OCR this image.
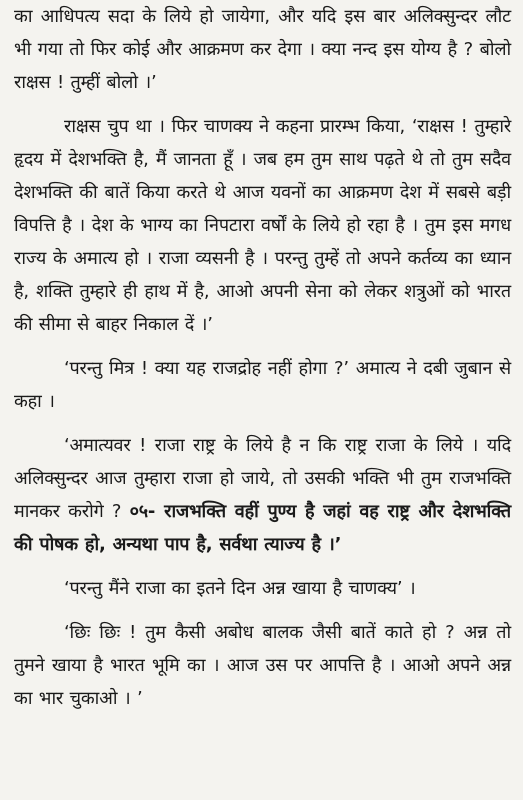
का आधिपत्य सदा के लिये हो जायेगा, और यदि इस बार अलिक्सुन्दर लौट भी गया तो फिर कोई और आक्रमण कर देगा । क्या नन्द इस योग्य है ? बोलो राक्षस ! तुम्हीं बोलो ।’

राक्षस चुप था । फिर चाणक्य ने कहना प्रारम्भ किया, ‘राक्षस ! तुम्हारे हृदय में देशभक्ति है, मैं जानता हूँ । जब हम तुम साथ पढ़ते थे तो तुम सदैव देशभक्ति की बातें किया करते थे आज यवनों का आक्रमण देश में सबसे बड़ी विपत्ति है । देश के भाग्य का निपटारा वर्षों के लिये हो रहा है । तुम इस मगध राज्य के अमात्य हो । राजा व्यसनी है । परन्तु तुम्हें तो अपने कर्तव्य का ध्यान है, शक्ति तुम्हारे ही हाथ में है, आओ अपनी सेना को लेकर शत्रुओं को भारत की सीमा से बाहर निकाल दें ।’

‘परन्तु मित्र ! क्या यह राजद्रोह नहीं होगा ?’ अमात्य ने दबी जुबान से कहा ।

‘अमात्यवर ! राजा राष्ट्र के लिये है न कि राष्ट्र राजा के लिये । यदि अलिक्सुन्दर आज तुम्हारा राजा हो जाये, तो उसकी भक्ति भी तुम राजभक्ति मानकर करोगे ? ०५- राजभक्ति वहीं पुण्य है जहां वह राष्ट्र और देशभक्ति की पोषक हो, अन्यथा पाप है, सर्वथा त्याज्य है ।’

‘परन्तु मैंने राजा का इतने दिन अन्न खाया है चाणक्य’ ।

‘छिः छिः ! तुम कैसी अबोध बालक जैसी बातें काते हो ? अन्न तो तुमने खाया है भारत भूमि का । आज उस पर आपत्ति है । आओ अपने अन्न का भार चुकाओ । ’
